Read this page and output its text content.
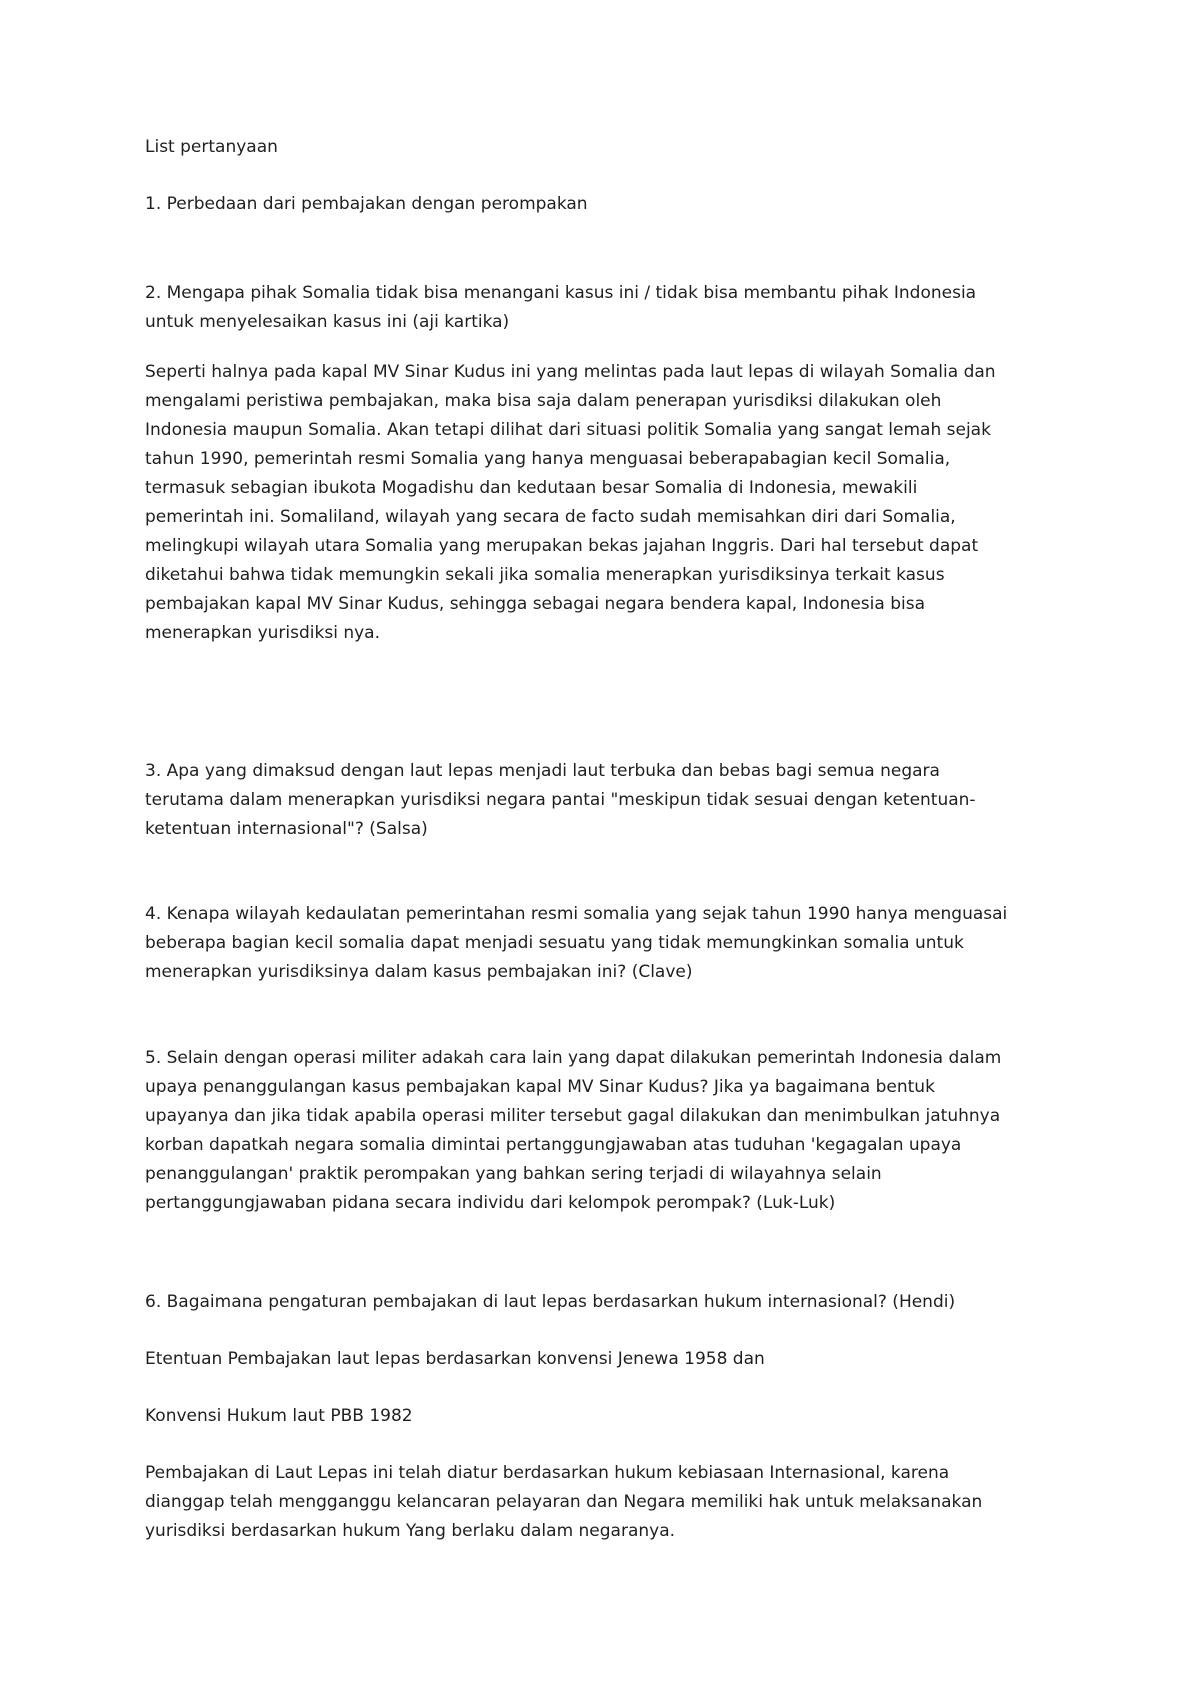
List pertanyaan

1. Perbedaan dari pembajakan dengan perompakan

2. Mengapa pihak Somalia tidak bisa menangani kasus ini / tidak bisa membantu pihak Indonesia
untuk menyelesaikan kasus ini (aji kartika)

Seperti halnya pada kapal MV Sinar Kudus ini yang melintas pada laut lepas di wilayah Somalia dan
mengalami peristiwa pembajakan, maka bisa saja dalam penerapan yurisdiksi dilakukan oleh
Indonesia maupun Somalia. Akan tetapi dilihat dari situasi politik Somalia yang sangat lemah sejak
tahun 1990, pemerintah resmi Somalia yang hanya menguasai beberapabagian kecil Somalia,
termasuk sebagian ibukota Mogadishu dan kedutaan besar Somalia di Indonesia, mewakili
pemerintah ini. Somaliland, wilayah yang secara de facto sudah memisahkan diri dari Somalia,
melingkupi wilayah utara Somalia yang merupakan bekas jajahan Inggris. Dari hal tersebut dapat
diketahui bahwa tidak memungkin sekali jika somalia menerapkan yurisdiksinya terkait kasus
pembajakan kapal MV Sinar Kudus, sehingga sebagai negara bendera kapal, Indonesia bisa
menerapkan yurisdiksi nya.

3. Apa yang dimaksud dengan laut lepas menjadi laut terbuka dan bebas bagi semua negara
terutama dalam menerapkan yurisdiksi negara pantai "meskipun tidak sesuai dengan ketentuan-
ketentuan internasional"? (Salsa)

4. Kenapa wilayah kedaulatan pemerintahan resmi somalia yang sejak tahun 1990 hanya menguasai
beberapa bagian kecil somalia dapat menjadi sesuatu yang tidak memungkinkan somalia untuk
menerapkan yurisdiksinya dalam kasus pembajakan ini? (Clave)

5. Selain dengan operasi militer adakah cara lain yang dapat dilakukan pemerintah Indonesia dalam
upaya penanggulangan kasus pembajakan kapal MV Sinar Kudus? Jika ya bagaimana bentuk
upayanya dan jika tidak apabila operasi militer tersebut gagal dilakukan dan menimbulkan jatuhnya
korban dapatkah negara somalia dimintai pertanggungjawaban atas tuduhan 'kegagalan upaya
penanggulangan' praktik perompakan yang bahkan sering terjadi di wilayahnya selain
pertanggungjawaban pidana secara individu dari kelompok perompak? (Luk-Luk)

6. Bagaimana pengaturan pembajakan di laut lepas berdasarkan hukum internasional? (Hendi)

Etentuan Pembajakan laut lepas berdasarkan konvensi Jenewa 1958 dan

Konvensi Hukum laut PBB 1982

Pembajakan di Laut Lepas ini telah diatur berdasarkan hukum kebiasaan Internasional, karena
dianggap telah mengganggu kelancaran pelayaran dan Negara memiliki hak untuk melaksanakan
yurisdiksi berdasarkan hukum Yang berlaku dalam negaranya.
